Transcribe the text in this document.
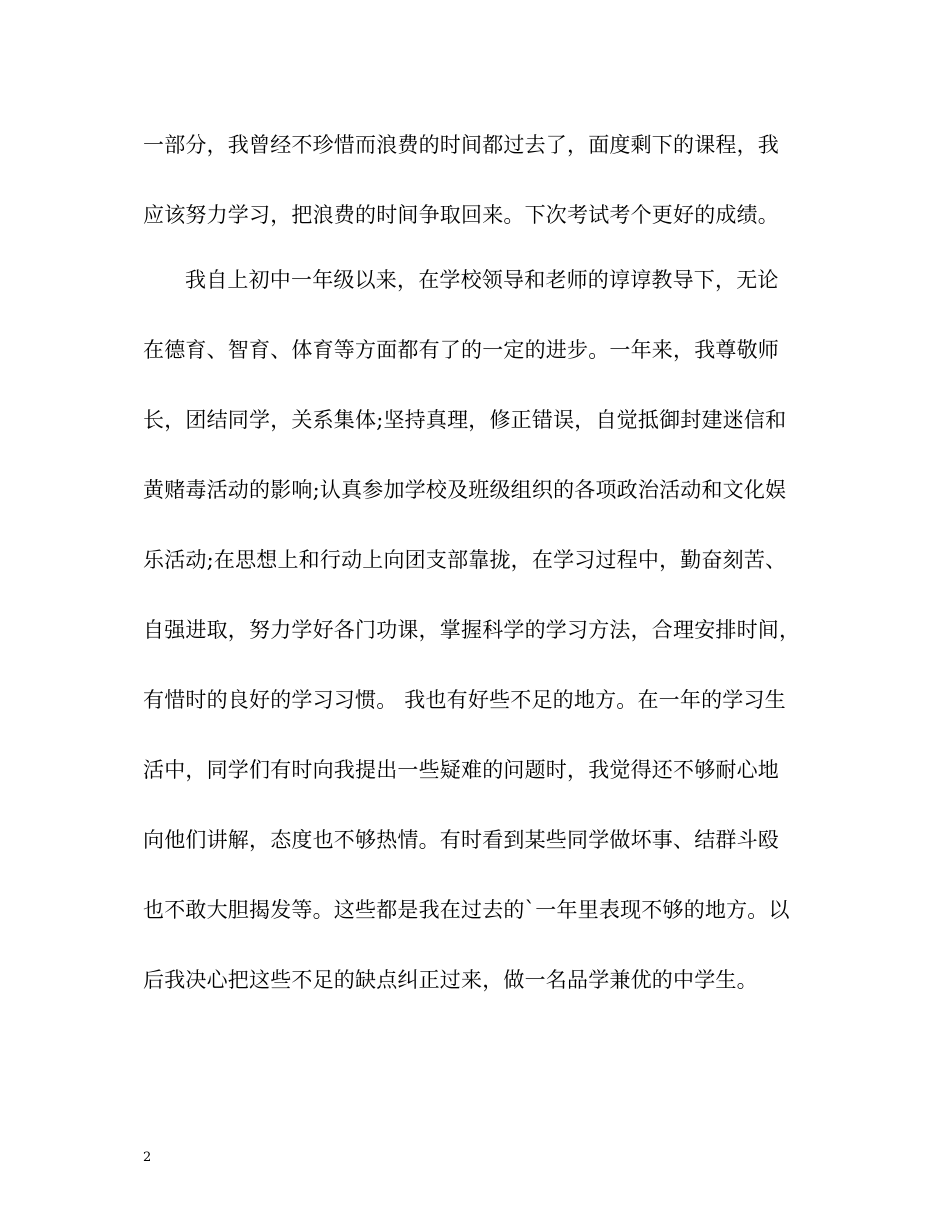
一部分，我曾经不珍惜而浪费的时间都过去了，面度剩下的课程，我
应该努力学习，把浪费的时间争取回来。下次考试考个更好的成绩。
我自上初中一年级以来，在学校领导和老师的谆谆教导下，无论
在德育、智育、体育等方面都有了的一定的进步。一年来，我尊敬师
长，团结同学，关系集体;坚持真理，修正错误，自觉抵御封建迷信和
黄赌毒活动的影响;认真参加学校及班级组织的各项政治活动和文化娱
乐活动;在思想上和行动上向团支部靠拢，在学习过程中，勤奋刻苦、
自强进取，努力学好各门功课，掌握科学的学习方法，合理安排时间，
有惜时的良好的学习习惯。 我也有好些不足的地方。在一年的学习生
活中，同学们有时向我提出一些疑难的问题时，我觉得还不够耐心地
向他们讲解，态度也不够热情。有时看到某些同学做坏事、结群斗殴
也不敢大胆揭发等。这些都是我在过去的`一年里表现不够的地方。以
后我决心把这些不足的缺点纠正过来，做一名品学兼优的中学生。
2
